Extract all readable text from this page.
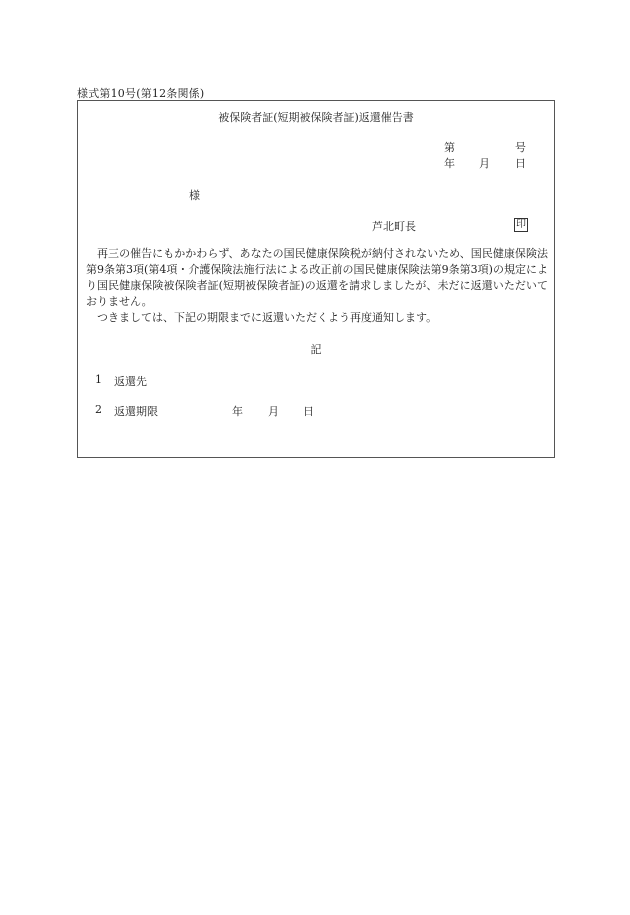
様式第10号(第12条関係)
被保険者証(短期被保険者証)返還催告書
第	号
年 月 日
様
芦北町長	印

再三の催告にもかかわらず、あなたの国民健康保険税が納付されないため、国民健康保険法第9条第3項(第4項・介護保険法施行法による改正前の国民健康保険法第9条第3項)の規定により国民健康保険被保険者証(短期被保険者証)の返還を請求しましたが、未だに返還いただいておりません。

つきましては、下記の期限までに返還いただくよう再度通知します。

記
1 返還先
2 返還期限	年 月 日
